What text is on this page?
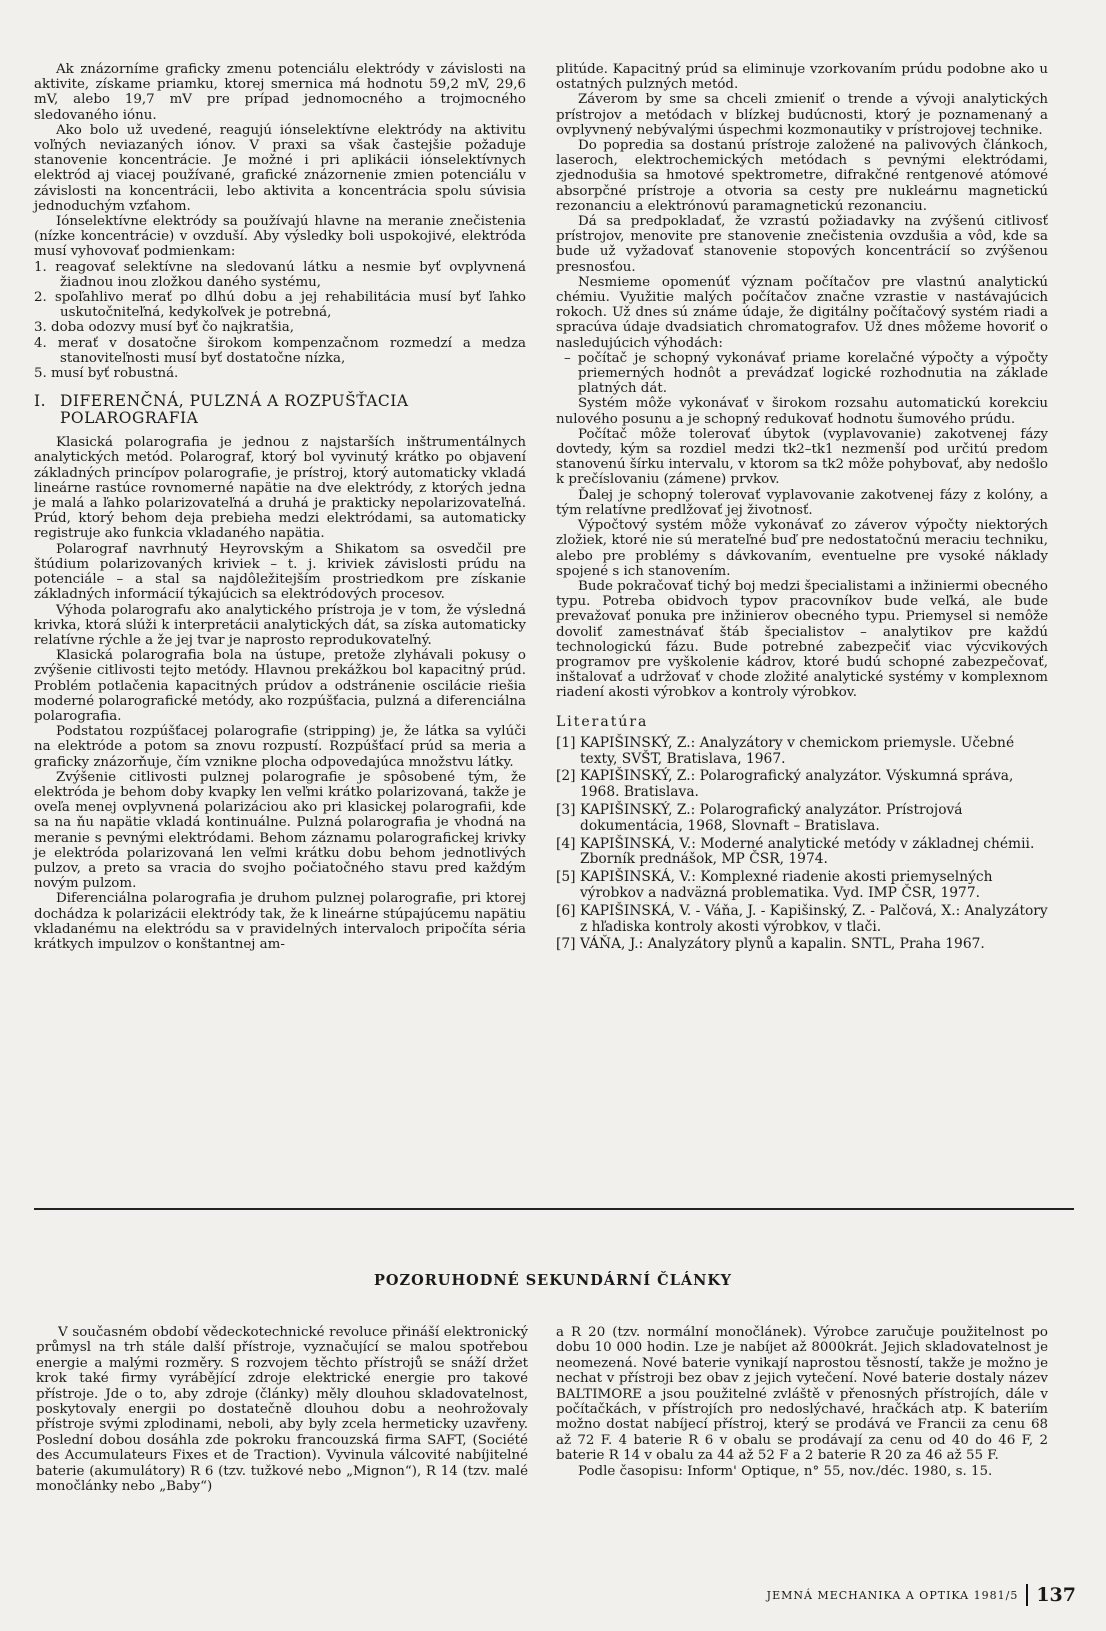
Ak znázorníme graficky zmenu potenciálu elektródy v závislosti na aktivite, získame priamku, ktorej smernica má hodnotu 59,2 mV, 29,6 mV, alebo 19,7 mV pre prípad jednomocného a trojmocného sledovaného iónu.

Ako bolo už uvedené, reagujú iónselektívne elektródy na aktivitu voľných neviazaných iónov. V praxi sa však častejšie požaduje stanovenie koncentrácie. Je možné i pri aplikácii iónselektívnych elektród aj viacej používané, grafické znázornenie zmien potenciálu v závislosti na koncentrácii, lebo aktivita a koncentrácia spolu súvisia jednoduchým vzťahom.

Iónselektívne elektródy sa používajú hlavne na meranie znečistenia (nízke koncentrácie) v ovzduší. Aby výsledky boli uspokojivé, elektróda musí vyhovovať podmienkam:

1. reagovať selektívne na sledovanú látku a nesmie byť ovplyvnená žiadnou inou zložkou daného systému,

2. spoľahlivo merať po dlhú dobu a jej rehabilitácia musí byť ľahko uskutočniteľná, kedykoľvek je potrebná,

3. doba odozvy musí byť čo najkratšia,

4. merať v dosatočne širokom kompenzačnom rozmedzí a medza stanoviteľnosti musí byť dostatočne nízka,

5. musí byť robustná.

I. DIFERENČNÁ, PULZNÁ A ROZPUŠŤACIA
POLAROGRAFIA

Klasická polarografia je jednou z najstarších inštrumentálnych analytických metód. Polarograf, ktorý bol vyvinutý krátko po objavení základných princípov polarografie, je prístroj, ktorý automaticky vkladá lineárne rastúce rovnomerné napätie na dve elektródy, z ktorých jedna je malá a ľahko polarizovateľná a druhá je prakticky nepolarizovateľná. Prúd, ktorý behom deja prebieha medzi elektródami, sa automaticky registruje ako funkcia vkladaného napätia.

Polarograf navrhnutý Heyrovským a Shikatom sa osvedčil pre štúdium polarizovaných kriviek – t. j. kriviek závislosti prúdu na potenciále – a stal sa najdôležitejším prostriedkom pre získanie základných informácií týkajúcich sa elektródových procesov.

Výhoda polarografu ako analytického prístroja je v tom, že výsledná krivka, ktorá slúži k interpretácii analytických dát, sa získa automaticky relatívne rýchle a že jej tvar je naprosto reprodukovateľný.

Klasická polarografia bola na ústupe, pretože zlyhávali pokusy o zvýšenie citlivosti tejto metódy. Hlavnou prekážkou bol kapacitný prúd. Problém potlačenia kapacitných prúdov a odstránenie oscilácie riešia moderné polarografické metódy, ako rozpúšťacia, pulzná a diferenciálna polarografia.

Podstatou rozpúšťacej polarografie (stripping) je, že látka sa vylúči na elektróde a potom sa znovu rozpustí. Rozpúšťací prúd sa meria a graficky znázorňuje, čím vznikne plocha odpovedajúca množstvu látky.

Zvýšenie citlivosti pulznej polarografie je spôsobené tým, že elektróda je behom doby kvapky len veľmi krátko polarizovaná, takže je oveľa menej ovplyvnená polarizáciou ako pri klasickej polarografii, kde sa na ňu napätie vkladá kontinuálne. Pulzná polarografia je vhodná na meranie s pevnými elektródami. Behom záznamu polarografickej krivky je elektróda polarizovaná len veľmi krátku dobu behom jednotlivých pulzov, a preto sa vracia do svojho počiatočného stavu pred každým novým pulzom.

Diferenciálna polarografia je druhom pulznej polarografie, pri ktorej dochádza k polarizácii elektródy tak, že k lineárne stúpajúcemu napätiu vkladanému na elektródu sa v pravidelných intervaloch pripočíta séria krátkych impulzov o konštantnej am-

plitúde. Kapacitný prúd sa eliminuje vzorkovaním prúdu podobne ako u ostatných pulzných metód.

Záverom by sme sa chceli zmieniť o trende a vývoji analytických prístrojov a metódach v blízkej budúcnosti, ktorý je poznamenaný a ovplyvnený nebývalými úspechmi kozmonautiky v prístrojovej technike.

Do popredia sa dostanú prístroje založené na palivových článkoch, laseroch, elektrochemických metódach s pevnými elektródami, zjednodušia sa hmotové spektrometre, difrakčné rentgenové atómové absorpčné prístroje a otvoria sa cesty pre nukleárnu magnetickú rezonanciu a elektrónovú paramagnetickú rezonanciu.

Dá sa predpokladať, že vzrastú požiadavky na zvýšenú citlivosť prístrojov, menovite pre stanovenie znečistenia ovzdušia a vôd, kde sa bude už vyžadovať stanovenie stopových koncentrácií so zvýšenou presnosťou.

Nesmieme opomenúť význam počítačov pre vlastnú analytickú chémiu. Využitie malých počítačov značne vzrastie v nastávajúcich rokoch. Už dnes sú známe údaje, že digitálny počítačový systém riadi a spracúva údaje dvadsiatich chromatografov. Už dnes môžeme hovoriť o nasledujúcich výhodách:

– počítač je schopný vykonávať priame korelačné výpočty a výpočty priemerných hodnôt a prevádzať logické rozhodnutia na základe platných dát.

Systém môže vykonávať v širokom rozsahu automatickú korekciu nulového posunu a je schopný redukovať hodnotu šumového prúdu.

Počítač môže tolerovať úbytok (vyplavovanie) zakotvenej fázy dovtedy, kým sa rozdiel medzi tk2–tk1 nezmenší pod určitú predom stanovenú šírku intervalu, v ktorom sa tk2 môže pohybovať, aby nedošlo k prečíslovaniu (zámene) prvkov.

Ďalej je schopný tolerovať vyplavovanie zakotvenej fázy z kolóny, a tým relatívne predlžovať jej životnosť.

Výpočtový systém môže vykonávať zo záverov výpočty niektorých zložiek, ktoré nie sú merateľné buď pre nedostatočnú meraciu techniku, alebo pre problémy s dávkovaním, eventuelne pre vysoké náklady spojené s ich stanovením.

Bude pokračovať tichý boj medzi špecialistami a inžiniermi obecného typu. Potreba obidvoch typov pracovníkov bude veľká, ale bude prevažovať ponuka pre inžinierov obecného typu. Priemysel si nemôže dovoliť zamestnávať štáb špecialistov – analytikov pre každú technologickú fázu. Bude potrebné zabezpečiť viac výcvikových programov pre vyškolenie kádrov, ktoré budú schopné zabezpečovať, inštalovať a udržovať v chode zložité analytické systémy v komplexnom riadení akosti výrobkov a kontroly výrobkov.

Literatúra
[1] KAPIŠINSKÝ, Z.: Analyzátory v chemickom priemysle. Učebné texty, SVŠT, Bratislava, 1967.
[2] KAPIŠINSKÝ, Z.: Polarografický analyzátor. Výskumná správa, 1968. Bratislava.
[3] KAPIŠINSKÝ, Z.: Polarografický analyzátor. Prístrojová dokumentácia, 1968, Slovnaft – Bratislava.
[4] KAPIŠINSKÁ, V.: Moderné analytické metódy v základnej chémii. Zborník prednášok, MP ČSR, 1974.
[5] KAPIŠINSKÁ, V.: Komplexné riadenie akosti priemyselných výrobkov a nadväzná problematika. Vyd. IMP ČSR, 1977.
[6] KAPIŠINSKÁ, V. - Váňa, J. - Kapišinský, Z. - Palčová, X.: Analyzátory z hľadiska kontroly akosti výrobkov, v tlači.
[7] VÁŇA, J.: Analyzátory plynů a kapalin. SNTL, Praha 1967.
POZORUHODNÉ SEKUNDÁRNÍ ČLÁNKY

V současném období vědeckotechnické revoluce přináší elektronický průmysl na trh stále další přístroje, vyznačující se malou spotřebou energie a malými rozměry. S rozvojem těchto přístrojů se snáží držet krok také firmy vyrábějící zdroje elektrické energie pro takové přístroje. Jde o to, aby zdroje (články) měly dlouhou skladovatelnost, poskytovaly energii po dostatečně dlouhou dobu a neohrožovaly přístroje svými zplodinami, neboli, aby byly zcela hermeticky uzavřeny. Poslední dobou dosáhla zde pokroku francouzská firma SAFT, (Société des Accumulateurs Fixes et de Traction). Vyvinula válcovité nabíjitelné baterie (akumulátory) R 6 (tzv. tužkové nebo „Mignon“), R 14 (tzv. malé monočlánky nebo „Baby“)

a R 20 (tzv. normální monočlánek). Výrobce zaručuje použitelnost po dobu 10 000 hodin. Lze je nabíjet až 8000krát. Jejich skladovatelnost je neomezená. Nové baterie vynikají naprostou těsností, takže je možno je nechat v přístroji bez obav z jejich vytečení. Nové baterie dostaly název BALTIMORE a jsou použitelné zvláště v přenosných přístrojích, dále v počítačkách, v přístrojích pro nedoslýchavé, hračkách atp. K bateriím možno dostat nabíjecí přístroj, který se prodává ve Francii za cenu 68 až 72 F. 4 baterie R 6 v obalu se prodávají za cenu od 40 do 46 F, 2 baterie R 14 v obalu za 44 až 52 F a 2 baterie R 20 za 46 až 55 F.

Podle časopisu: Inform' Optique, n° 55, nov./déc. 1980, s. 15.

JEMNÁ MECHANIKA A OPTIKA 1981/5 137
